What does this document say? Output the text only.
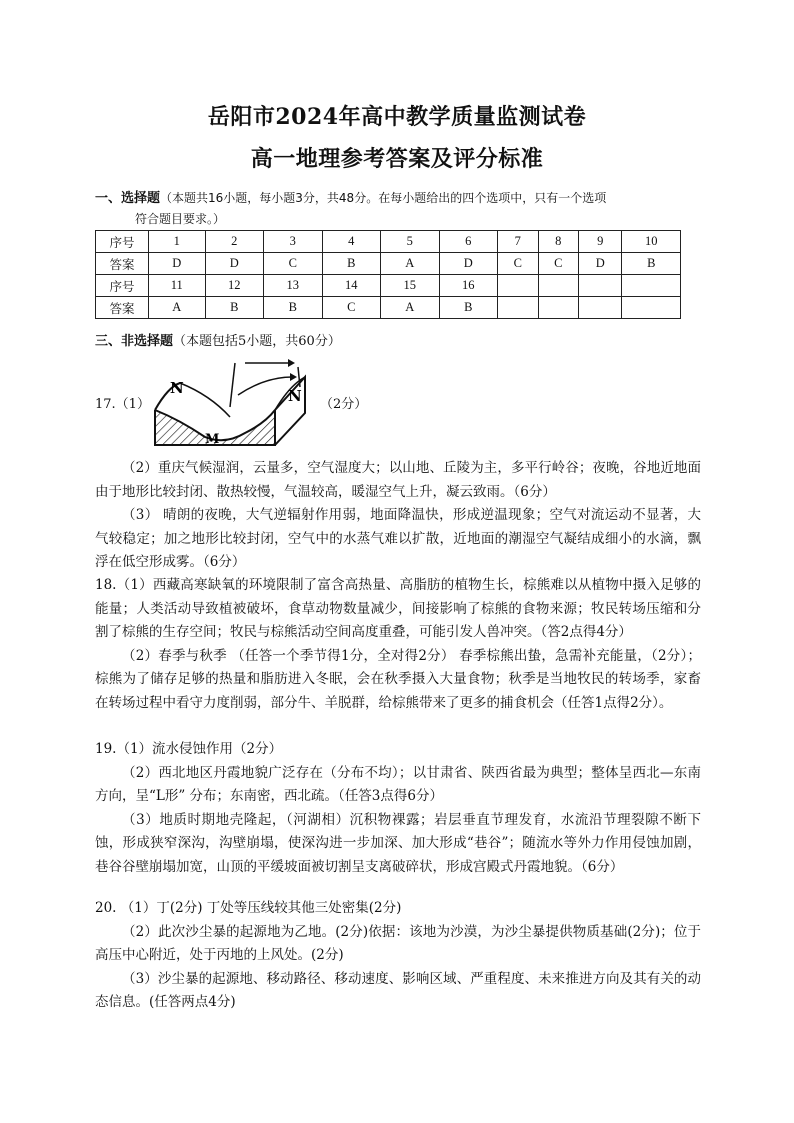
岳阳市2024年高中教学质量监测试卷
高一地理参考答案及评分标准
一、选择题（本题共16小题，每小题3分，共48分。在每小题给出的四个选项中，只有一个选项
符合题目要求。）
序号	1	2	3	4	5	6	7	8	9	10
答案	D	D	C	B	A	D	C	C	D	B
序号	11	12	13	14	15	16				
答案	A	B	B	C	A	B				
三、非选择题（本题包括5小题，共60分）
17.（1）
N	N
M
（2分）

（2）重庆气候湿润，云量多，空气湿度大；以山地、丘陵为主，多平行岭谷；夜晚，谷地近地面由于地形比较封闭、散热较慢，气温较高，暖湿空气上升，凝云致雨。（6分）

（3） 晴朗的夜晚，大气逆辐射作用弱，地面降温快，形成逆温现象；空气对流运动不显著，大气较稳定；加之地形比较封闭，空气中的水蒸气难以扩散，近地面的潮湿空气凝结成细小的水滴，飘浮在低空形成雾。（6分）

18.（1）西藏高寒缺氧的环境限制了富含高热量、高脂肪的植物生长，棕熊难以从植物中摄入足够的能量；人类活动导致植被破坏，食草动物数量减少，间接影响了棕熊的食物来源；牧民转场压缩和分割了棕熊的生存空间；牧民与棕熊活动空间高度重叠，可能引发人兽冲突。（答2点得4分）

（2）春季与秋季 （任答一个季节得1分，全对得2分） 春季棕熊出蛰，急需补充能量，（2分）；棕熊为了储存足够的热量和脂肪进入冬眠，会在秋季摄入大量食物；秋季是当地牧民的转场季，家畜在转场过程中看守力度削弱，部分牛、羊脱群，给棕熊带来了更多的捕食机会（任答1点得2分）。

19.（1）流水侵蚀作用（2分）

（2）西北地区丹霞地貌广泛存在（分布不均）；以甘肃省、陕西省最为典型；整体呈西北—东南方向，呈“L形” 分布；东南密，西北疏。（任答3点得6分）

（3）地质时期地壳隆起，（河湖相）沉积物裸露；岩层垂直节理发育，水流沿节理裂隙不断下蚀，形成狭窄深沟，沟壁崩塌，使深沟进一步加深、加大形成“巷谷”；随流水等外力作用侵蚀加剧，巷谷谷壁崩塌加宽，山顶的平缓坡面被切割呈支离破碎状，形成宫殿式丹霞地貌。（6分）

20. （1）丁(2分) 丁处等压线较其他三处密集(2分)

（2）此次沙尘暴的起源地为乙地。(2分)依据：该地为沙漠，为沙尘暴提供物质基础(2分)；位于高压中心附近，处于丙地的上风处。(2分)

（3）沙尘暴的起源地、移动路径、移动速度、影响区域、严重程度、未来推进方向及其有关的动态信息。(任答两点4分)
